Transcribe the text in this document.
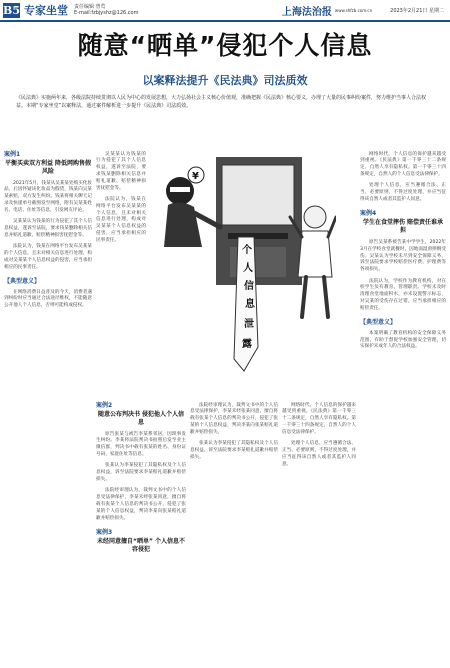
B5 专家坐堂 责任编辑 曾莺
E-mail:fzbjyshz@126.com	上海法治报 www.shfzb.com.cn	2023年2月21日 星期二
随意“晒单”侵犯个人信息
以案释法提升《民法典》司法质效
《民法典》实施两年来，各级法院持续贯彻以人民为中心的发展思想，大力弘扬社会主义核心价值观，准确把握《民法典》核心要义，办理了大量的民事纠纷案件，努力维护当事人合法权益。本期“专家坐堂”以案释法，通过案件解析进一步提升《民法典》司法质效。
案例1
平衡买卖双方利益 降低网购售假风险

2021年5月，钱某从吴某某处购买化妆品，后因怀疑该化妆品为假货，钱某向吴某某索赔，双方发生纠纷。钱某将相关聊天记录及快递单号截图发至网络，附有吴某某姓名、电话、住址等信息，引发网友评论。

吴某某认为钱某的行为侵犯了其个人信息权益，遂诉至法院，要求钱某删除相关信息并赔礼道歉、赔偿精神损害抚慰金等。

法院认为，钱某在网络平台发布吴某某的个人信息，且未对相关信息进行处理，构成对吴某某个人信息权益的侵害，应当承担相应的民事责任。

【典型意义】

在网络消费日益普及的今天，消费者遇到纠纷时应当通过合法途径维权，不能随意公开他人个人信息，否则可能构成侵权。

吴某某认为钱某的行为侵犯了其个人信息权益，遂诉至法院，要求钱某删除相关信息并赔礼道歉、赔偿精神损害抚慰金等。

法院认为，钱某在网络平台发布吴某某的个人信息，且未对相关信息进行处理，构成对吴某某个人信息权益的侵害，应当承担相应的民事责任。

个
人
信
息
泄
露
¥
案例2
随意公布判决书 侵犯他人个人信息

原告张某与被告李某系邻居，因琐事发生纠纷。李某将法院判决书拍照后发至业主微信群，判决书中载有张某的姓名、身份证号码、家庭住址等信息。

张某认为李某侵犯了其隐私权及个人信息权益，诉至法院要求李某赔礼道歉并赔偿损失。

法院经审理认为，裁判文书中的个人信息受法律保护，李某未经张某同意，擅自将载有张某个人信息的判决书公开，侵犯了张某的个人信息权益，判决李某向张某赔礼道歉并赔偿损失。

案例3
未经同意擅自“晒单” 个人信息不容侵犯

法院经审理认为，裁判文书中的个人信息受法律保护，李某未经张某同意，擅自将载有张某个人信息的判决书公开，侵犯了张某的个人信息权益，判决李某向张某赔礼道歉并赔偿损失。

张某认为李某侵犯了其隐私权及个人信息权益，诉至法院要求李某赔礼道歉并赔偿损失。

网络时代，个人信息的保护越来越受到重视。《民法典》第一千零三十二条规定，自然人享有隐私权。第一千零三十四条规定，自然人的个人信息受法律保护。

处理个人信息，应当遵循合法、正当、必要原则，不得过度处理，并应当征得该自然人或者其监护人同意。

网络时代，个人信息的保护越来越受到重视。《民法典》第一千零三十二条规定，自然人享有隐私权。第一千零三十四条规定，自然人的个人信息受法律保护。

处理个人信息，应当遵循合法、正当、必要原则，不得过度处理，并应当征得该自然人或者其监护人同意。

案例4
学生在食堂摔伤 赔偿责任谁承担

原告吴某系被告某中学学生，2022年3月在学校食堂就餐时，因地面湿滑摔倒受伤。吴某认为学校未尽到安全保障义务，诉至法院要求学校赔偿医疗费、护理费等各项损失。

法院认为，学校作为教育机构，对在校学生负有教育、管理职责。学校未及时清理食堂地面积水，亦未设置警示标志，对吴某的受伤存在过错，应当承担相应的赔偿责任。

【典型意义】

本案明确了教育机构的安全保障义务范围，有助于督促学校加强安全管理，切实保护未成年人的合法权益。
